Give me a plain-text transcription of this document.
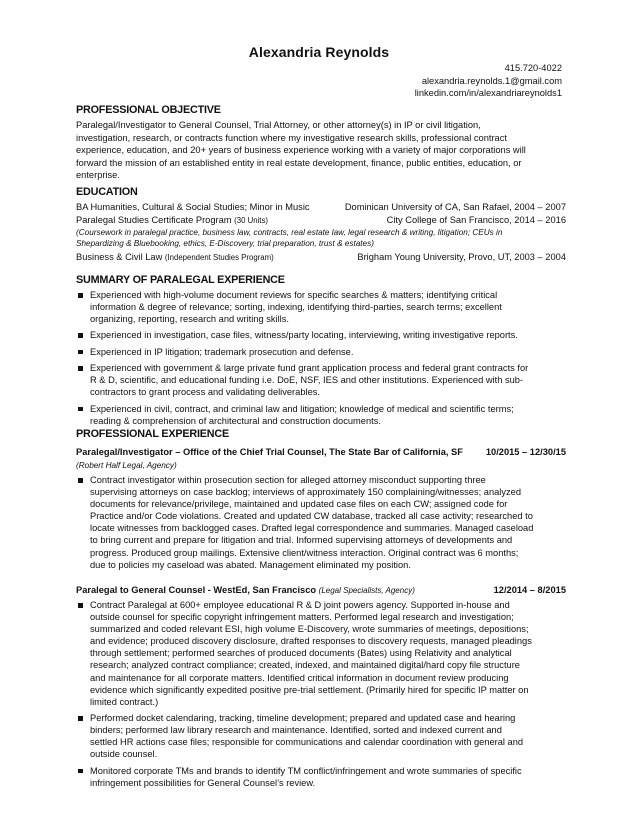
Alexandria Reynolds
415.720-4022
alexandria.reynolds.1@gmail.com
linkedin.com/in/alexandriareynolds1
PROFESSIONAL OBJECTIVE
Paralegal/Investigator to General Counsel, Trial Attorney, or other attorney(s) in IP or civil litigation,
investigation, research, or contracts function where my investigative research skills, professional contract
experience, education, and 20+ years of business experience working with a variety of major corporations will
forward the mission of an established entity in real estate development, finance, public entities, education, or
enterprise.
EDUCATION
BA Humanities, Cultural & Social Studies; Minor in Music	Dominican University of CA, San Rafael, 2004 – 2007
Paralegal Studies Certificate Program (30 Units)	City College of San Francisco, 2014 – 2016
(Coursework in paralegal practice, business law, contracts, real estate law, legal research & writing, litigation; CEUs in
Shepardizing & Bluebooking, ethics, E-Discovery, trial preparation, trust & estates)
Business & Civil Law (Independent Studies Program)	Brigham Young University, Provo, UT, 2003 – 2004
SUMMARY OF PARALEGAL EXPERIENCE
Experienced with high-volume document reviews for specific searches & matters; identifying critical
information & degree of relevance; sorting, indexing, identifying third-parties, search terms; excellent
organizing, reporting, research and writing skills.
Experienced in investigation, case files, witness/party locating, interviewing, writing investigative reports.
Experienced in IP litigation; trademark prosecution and defense.
Experienced with government & large private fund grant application process and federal grant contracts for
R & D, scientific, and educational funding i.e. DoE, NSF, IES and other institutions. Experienced with sub-
contractors to grant process and validating deliverables.
Experienced in civil, contract, and criminal law and litigation; knowledge of medical and scientific terms;
reading & comprehension of architectural and construction documents.
PROFESSIONAL EXPERIENCE
Paralegal/Investigator – Office of the Chief Trial Counsel, The State Bar of California, SF 10/2015 – 12/30/15
(Robert Half Legal, Agency)
Contract investigator within prosecution section for alleged attorney misconduct supporting three
supervising attorneys on case backlog; interviews of approximately 150 complaining/witnesses; analyzed
documents for relevance/privilege, maintained and updated case files on each CW; assigned code for
Practice and/or Code violations. Created and updated CW database, tracked all case activity; researched to
locate witnesses from backlogged cases. Drafted legal correspondence and summaries. Managed caseload
to bring current and prepare for litigation and trial. Informed supervising attorneys of developments and
progress. Produced group mailings. Extensive client/witness interaction. Original contract was 6 months;
due to policies my caseload was abated. Management eliminated my position.
Paralegal to General Counsel - WestEd, San Francisco (Legal Specialists, Agency)	12/2014 – 8/2015
Contract Paralegal at 600+ employee educational R & D joint powers agency. Supported in-house and
outside counsel for specific copyright infringement matters. Performed legal research and investigation;
summarized and coded relevant ESI, high volume E-Discovery, wrote summaries of meetings, depositions;
and evidence; produced discovery disclosure, drafted responses to discovery requests, managed pleadings
through settlement; performed searches of produced documents (Bates) using Relativity and analytical
research; analyzed contract compliance; created, indexed, and maintained digital/hard copy file structure
and maintenance for all corporate matters. Identified critical information in document review producing
evidence which significantly expedited positive pre-trial settlement. (Primarily hired for specific IP matter on
limited contract.)
Performed docket calendaring, tracking, timeline development; prepared and updated case and hearing
binders; performed law library research and maintenance. Identified, sorted and indexed current and
settled HR actions case files; responsible for communications and calendar coordination with general and
outside counsel.
Monitored corporate TMs and brands to identify TM conflict/infringement and wrote summaries of specific
infringement possibilities for General Counsel’s review.
